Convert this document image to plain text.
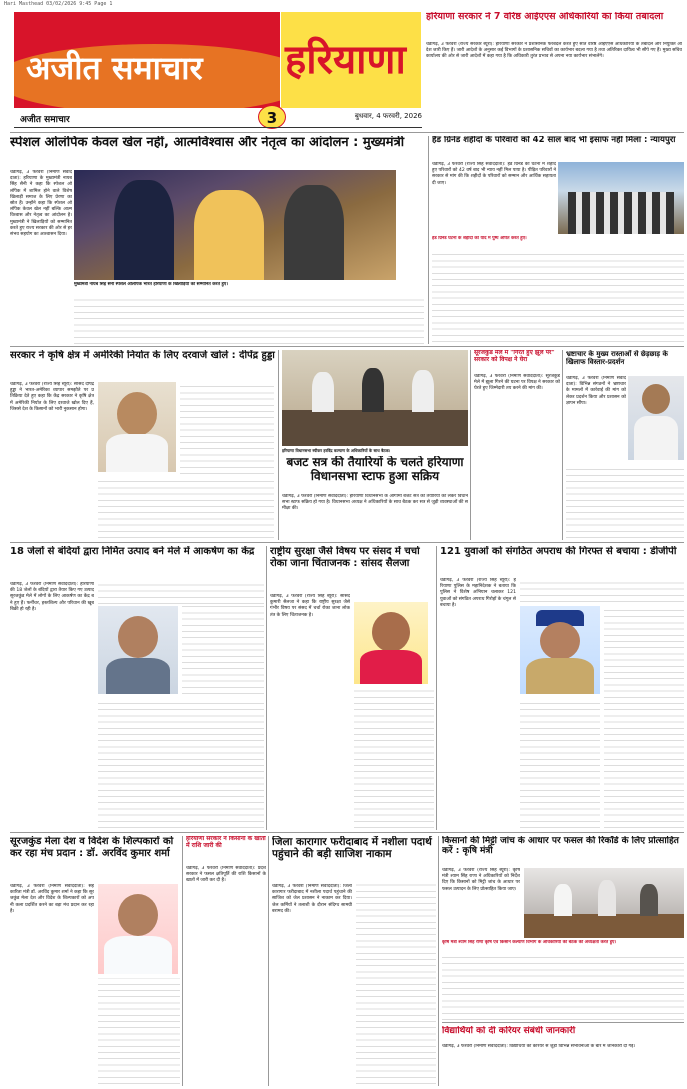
Hari Masthead 03/02/2026 9:45 Page 1
अजीत समाचार	हरियाणा
अजीत समाचार	3	बुधवार, 4 फरवरी, 2026
हरियाणा सरकार ने 7 वरिष्ठ आईएएस अधिकारियों का किया तबादला
चंडीगढ़, 3 फरवरी (राज्य सरकार ब्यूरो): हरियाणा सरकार ने प्रशासनिक फेरबदल करते हुए सात वरिष्ठ आईएएस अधिकारियों के तबादले और नियुक्ति आदेश जारी किए हैं। जारी आदेशों के अनुसार कई विभागों के प्रशासनिक सचिवों का कार्यभार बदला गया है तथा अतिरिक्त दायित्व भी सौंपे गए हैं। मुख्य सचिव कार्यालय की ओर से जारी आदेशों में कहा गया है कि अधिकारी तुरंत प्रभाव से अपना नया कार्यभार संभालेंगे।
स्पेशल ओलंपिक केवल खेल नहीं, आत्मविश्वास और नेतृत्व का आंदोलन : मुख्यमंत्री
मुख्यमंत्री नायब सिंह सैनी स्पेशल ओलंपिक भारत हरियाणा के खिलाड़ियों को सम्मानित करते हुए।
चंडीगढ़, 3 फरवरी (निर्माण संवाददाता): हरियाणा के मुख्यमंत्री नायब सिंह सैनी ने कहा कि स्पेशल ओलंपिक में शामिल होने वाले विशेष खिलाड़ी समाज के लिए प्रेरणा का स्रोत हैं। उन्होंने कहा कि स्पेशल ओलंपिक केवल खेल नहीं बल्कि आत्मविश्वास और नेतृत्व का आंदोलन है। मुख्यमंत्री ने खिलाड़ियों को सम्मानित करते हुए राज्य सरकार की ओर से हर संभव सहयोग का आश्वासन दिया।
हैंड ग्रिनेड शहीदों के परिवारों को 42 साल बाद भी इंसाफ नहीं मिला : न्यायपुरा
चंडीगढ़, 3 फरवरी (राज्य सिंह संवाददाता): हैंड ग्रिनेड की घटना में शहीद हुए परिवारों को 42 वर्ष बाद भी न्याय नहीं मिल पाया है। पीड़ित परिवारों ने सरकार से मांग की कि शहीदों के परिवारों को सम्मान और आर्थिक सहायता दी जाए।
हैंड ग्रिनेड घटना के शहीदों को याद में पुष्प अर्पित करते हुए।
सरकार ने कृषि क्षेत्र में अमेरिकी निर्यात के लिए दरवाजे खोले : दीपेंद्र हुड्डा
चंडीगढ़, 3 फरवरी (राज्य सिंह ब्यूरो): सांसद दीपेंद्र हुड्डा ने भारत-अमेरिका व्यापार समझौते पर प्रतिक्रिया देते हुए कहा कि केंद्र सरकार ने कृषि क्षेत्र में अमेरिकी निर्यात के लिए दरवाजे खोल दिए हैं, जिससे देश के किसानों को भारी नुकसान होगा।
हरियाणा विधानसभा स्पीकर हरविंद्र कल्याण के अधिकारियों के साथ बैठक।
बजट सत्र की तैयारियों के चलते हरियाणा विधानसभा स्टाफ हुआ सक्रिय
चंडीगढ़, 3 फरवरी (निर्माण संवाददाता): हरियाणा विधानसभा के आगामी बजट सत्र की तैयारियों को लेकर विधानसभा स्टाफ सक्रिय हो गया है। विधानसभा अध्यक्ष ने अधिकारियों के साथ बैठक कर सत्र से जुड़ी व्यवस्थाओं की समीक्षा की।
सूरजकुंड मेले में "गिरते हुए झूले पर" सरकार को विपक्ष ने घेरा
चंडीगढ़, 3 फरवरी (निर्माण संवाददाता): सूरजकुंड मेले में झूला गिरने की घटना पर विपक्ष ने सरकार को घेरते हुए जिम्मेदारी तय करने की मांग की।
भ्रष्टाचार के मुख्य रास्ताओं से छेड़छाड़ के खिलाफ विस्तार-प्रदर्शन
चंडीगढ़, 3 फरवरी (निर्माण संवाददाता): विभिन्न संगठनों ने भ्रष्टाचार के मामलों में कार्रवाई की मांग को लेकर प्रदर्शन किया और प्रशासन को ज्ञापन सौंपा।
18 जेलों से बंदियों द्वारा निर्मित उत्पाद बने मेले में आकर्षण का केंद्र
चंडीगढ़, 3 फरवरी (निर्माण संवाददाता): हरियाणा की 18 जेलों के बंदियों द्वारा तैयार किए गए उत्पाद सूरजकुंड मेले में लोगों के लिए आकर्षण का केंद्र बने हुए हैं। फर्नीचर, हस्तशिल्प और परिधान की खूब बिक्री हो रही है।
राष्ट्रीय सुरक्षा जैसे विषय पर संसद में चर्चा रोका जाना चिंताजनक : सांसद सैलजा
चंडीगढ़, 3 फरवरी (राज्य सिंह ब्यूरो): सांसद कुमारी सैलजा ने कहा कि राष्ट्रीय सुरक्षा जैसे गंभीर विषय पर संसद में चर्चा रोका जाना लोकतंत्र के लिए चिंताजनक है।
121 युवाओं को संगठित अपराध की गिरफ्त से बचाया : डीजीपी
चंडीगढ़, 3 फरवरी (राज्य सिंह ब्यूरो): हरियाणा पुलिस के महानिदेशक ने बताया कि पुलिस ने विशेष अभियान चलाकर 121 युवाओं को संगठित अपराध गिरोहों के चंगुल से बचाया है।
सूरजकुंड मेला देश व विदेश के शिल्पकारों को कर रहा मंच प्रदान : डॉ. अरविंद कुमार शर्मा
चंडीगढ़, 3 फरवरी (निर्माण संवाददाता): सहकारिता मंत्री डॉ. अरविंद कुमार शर्मा ने कहा कि सूरजकुंड मेला देश और विदेश के शिल्पकारों को अपनी कला प्रदर्शित करने का बड़ा मंच प्रदान कर रहा है।
हरियाणा सरकार ने किसानों के खातों में राशि जारी की
चंडीगढ़, 3 फरवरी (निर्माण संवाददाता): प्रदेश सरकार ने फसल क्षतिपूर्ति की राशि किसानों के खातों में जारी कर दी है।
जिला कारागार फरीदाबाद में नशीला पदार्थ पहुंचाने की बड़ी साजिश नाकाम
चंडीगढ़, 3 फरवरी (निर्माण संवाददाता): जिला कारागार फरीदाबाद में नशीला पदार्थ पहुंचाने की साजिश को जेल प्रशासन ने नाकाम कर दिया। जेल कर्मियों ने तलाशी के दौरान संदिग्ध सामग्री बरामद की।
किसानों की मिट्टी जांच के आधार पर फसल की रिकॉर्ड के लिए प्रोत्साहित करें : कृषि मंत्री
चंडीगढ़, 3 फरवरी (राज्य सिंह ब्यूरो): कृषि मंत्री श्याम सिंह राणा ने अधिकारियों को निर्देश दिए कि किसानों को मिट्टी जांच के आधार पर फसल उत्पादन के लिए प्रोत्साहित किया जाए।
कृषि मंत्री श्याम सिंह राणा कृषि एवं किसान कल्याण विभाग के अधिकारियों की बैठक की अध्यक्षता करते हुए।
विद्यार्थियों को दी करियर संबंधी जानकारी
चंडीगढ़, 3 फरवरी (निर्माण संवाददाता): विद्यार्थियों को करियर से जुड़ी विभिन्न संभावनाओं के बारे में जानकारी दी गई।
